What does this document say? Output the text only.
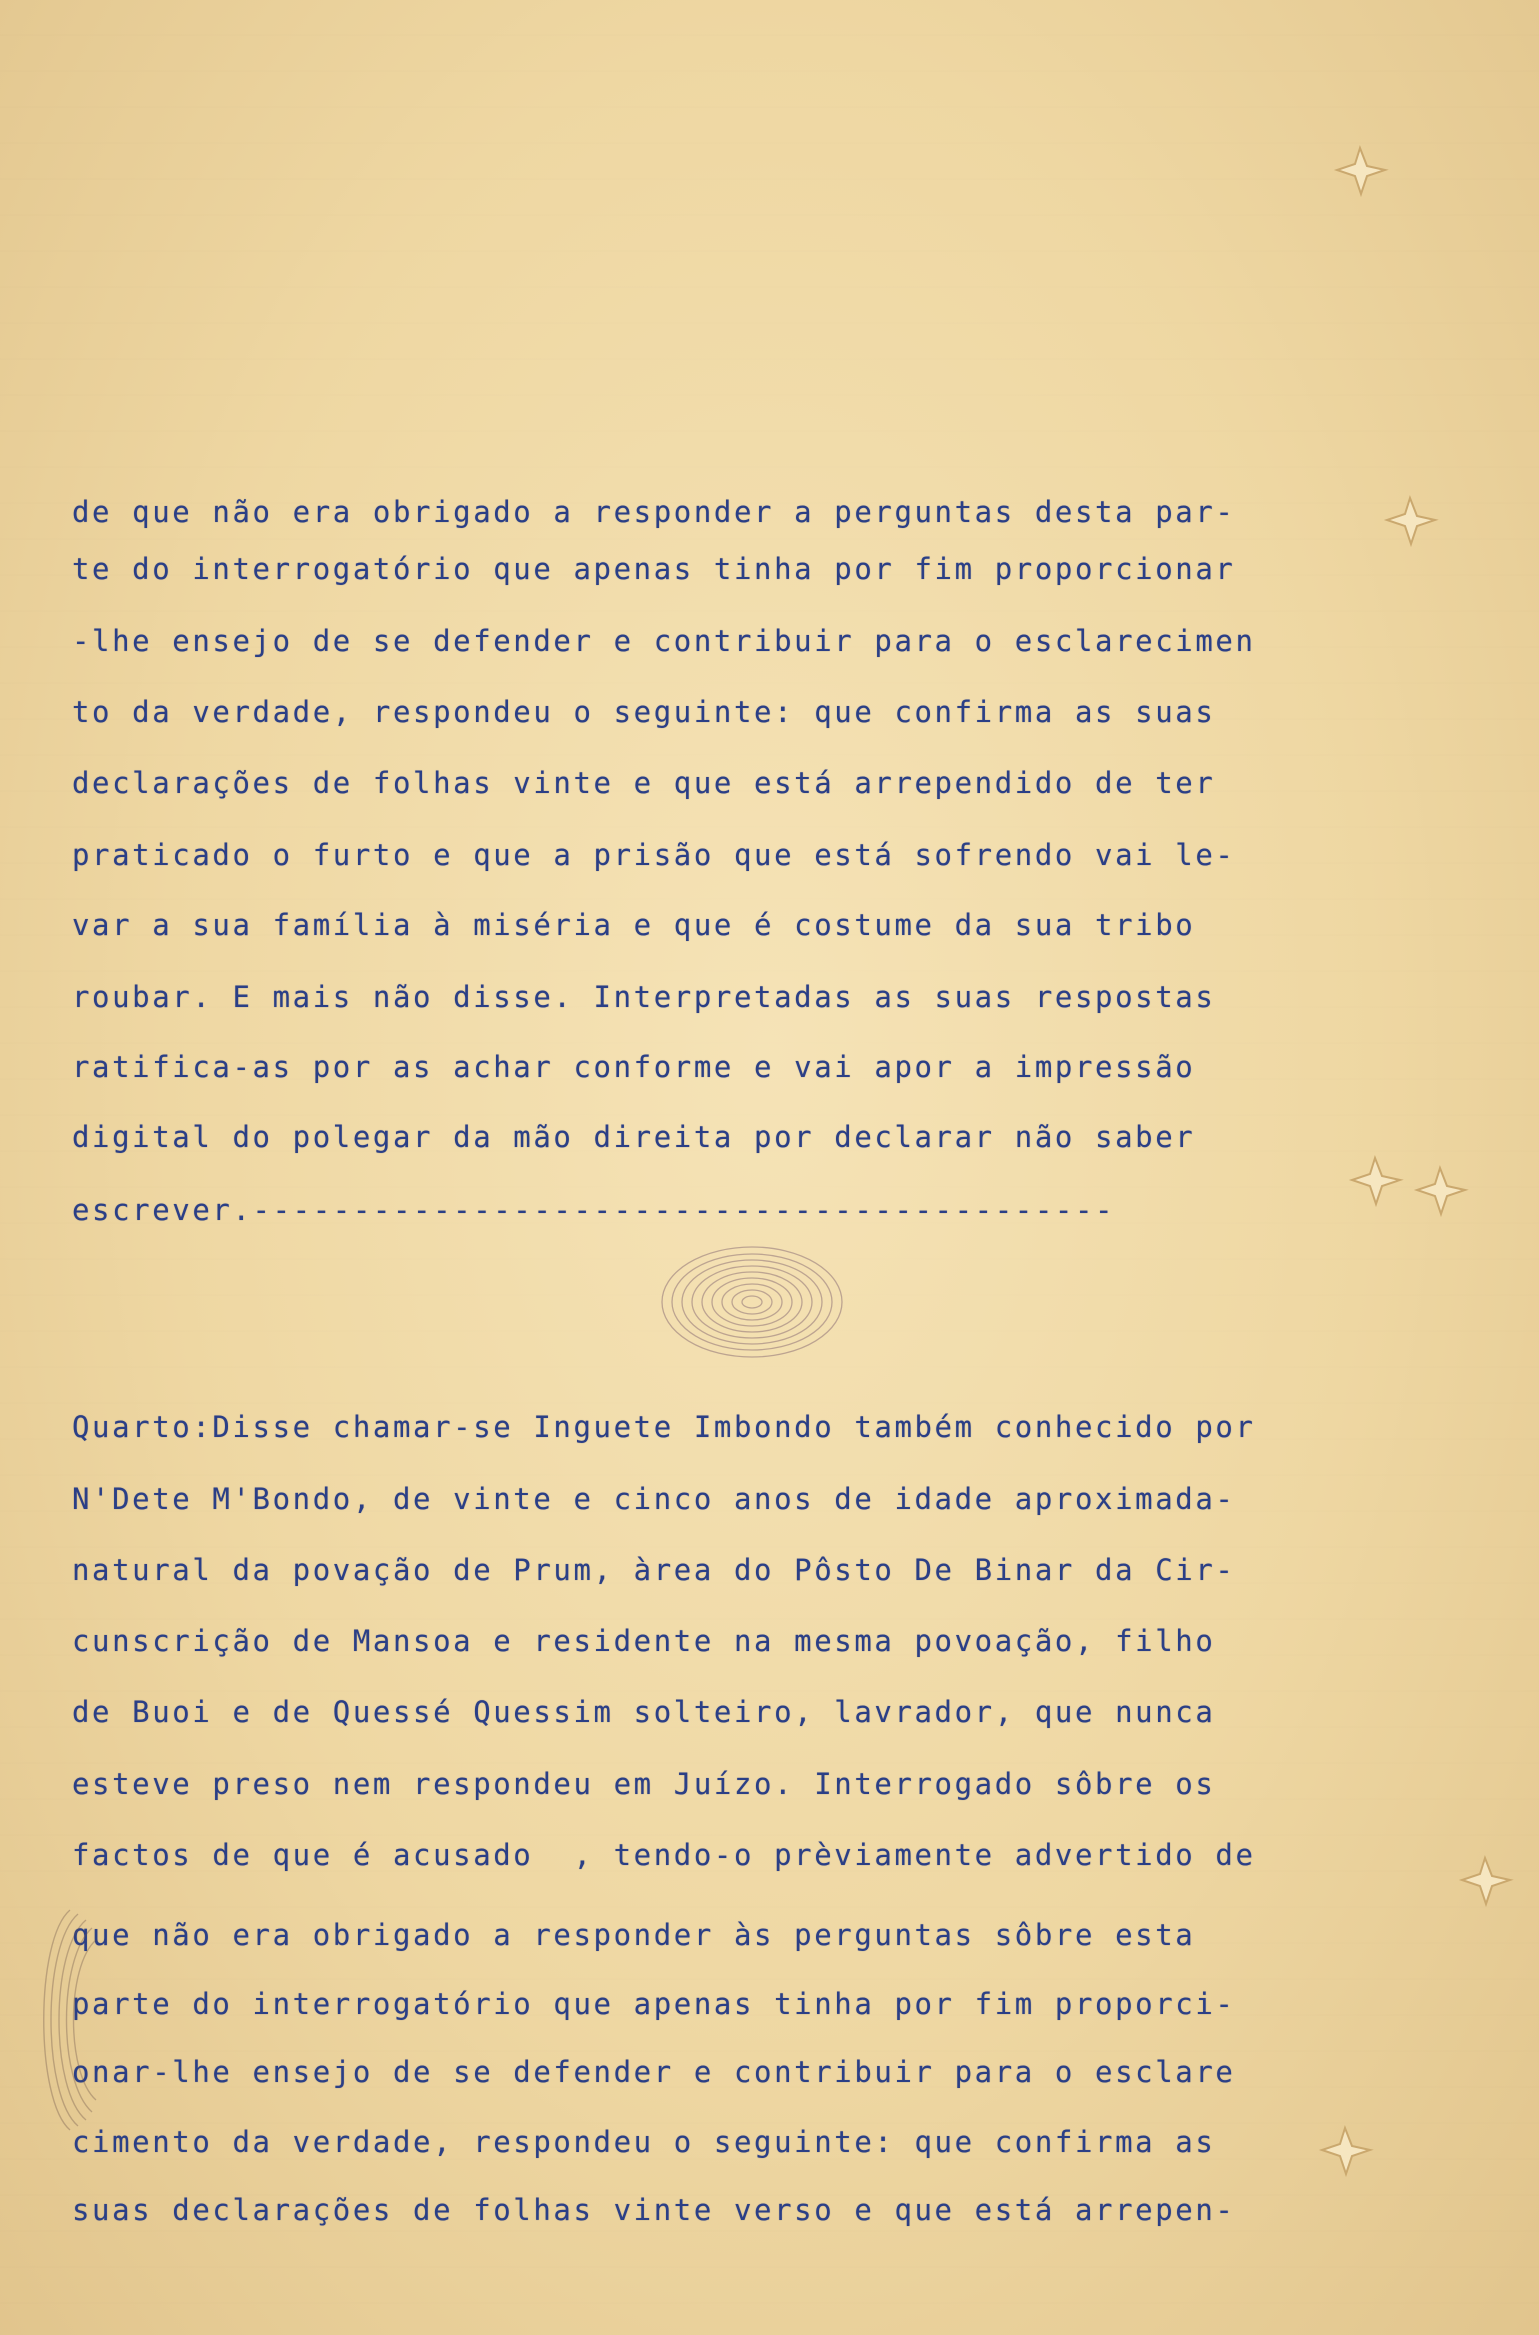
de que não era obrigado a responder a perguntas desta par-

te do interrogatório que apenas tinha por fim proporcionar

-lhe ensejo de se defender e contribuir para o esclarecimen

to da verdade, respondeu o seguinte: que confirma as suas

declarações de folhas vinte e que está arrependido de ter

praticado o furto e que a prisão que está sofrendo vai le-

var a sua família à miséria e que é costume da sua tribo

roubar. E mais não disse. Interpretadas as suas respostas

ratifica-as por as achar conforme e vai apor a impressão

digital do polegar da mão direita por declarar não saber

escrever.-------------------------------------------

Quarto:Disse chamar-se Inguete Imbondo também conhecido por

N'Dete M'Bondo, de vinte e cinco anos de idade aproximada-

natural da povação de Prum, àrea do Pôsto De Binar da Cir-

cunscrição de Mansoa e residente na mesma povoação, filho

de Buoi e de Quessé Quessim solteiro, lavrador, que nunca

esteve preso nem respondeu em Juízo. Interrogado sôbre os

factos de que é acusado  , tendo-o prèviamente advertido de

que não era obrigado a responder às perguntas sôbre esta

parte do interrogatório que apenas tinha por fim proporci-

onar-lhe ensejo de se defender e contribuir para o esclare

cimento da verdade, respondeu o seguinte: que confirma as

suas declarações de folhas vinte verso e que está arrepen-
